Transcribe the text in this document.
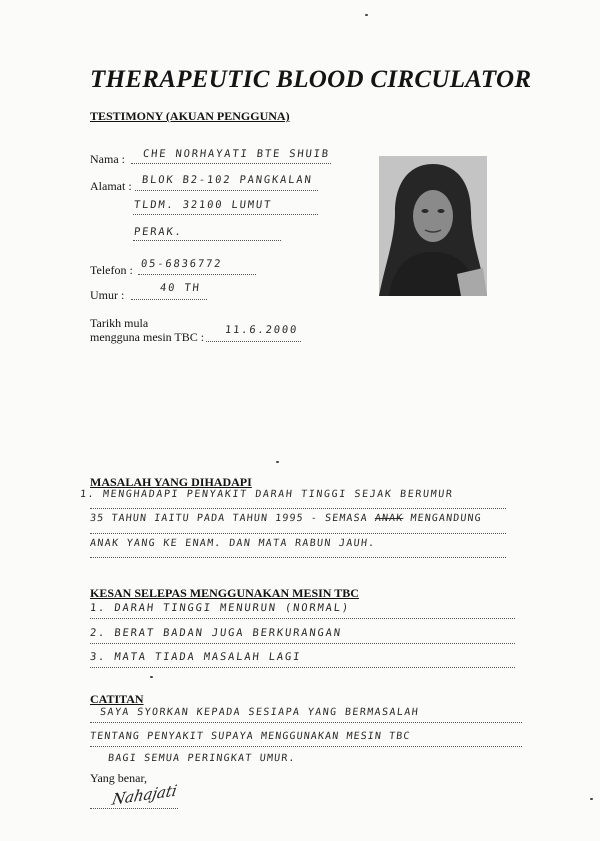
THERAPEUTIC BLOOD CIRCULATOR
TESTIMONY (AKUAN PENGGUNA)
Nama : CHE NORHAYATI BTE SHUIB
Alamat : BLOK B2-102 PANGKALAN
TLDM. 32100 LUMUT
PERAK.
Telefon : 05-6836772
Umur :	40 TH
Tarikh mula
mengguna mesin TBC : 11.6.2000
MASALAH YANG DIHADAPI
1. MENGHADAPI PENYAKIT DARAH TINGGI SEJAK BERUMUR
35 TAHUN IAITU PADA TAHUN 1995 - SEMASA ANAK MENGANDUNG
ANAK YANG KE ENAM. DAN MATA RABUN JAUH.
KESAN SELEPAS MENGGUNAKAN MESIN TBC
1. DARAH TINGGI MENURUN (NORMAL)
2. BERAT BADAN JUGA BERKURANGAN
3. MATA TIADA MASALAH LAGI
CATITAN
SAYA SYORKAN KEPADA SESIAPA YANG BERMASALAH
TENTANG PENYAKIT SUPAYA MENGGUNAKAN MESIN TBC
BAGI SEMUA PERINGKAT UMUR.
Yang benar,
Nahajati
